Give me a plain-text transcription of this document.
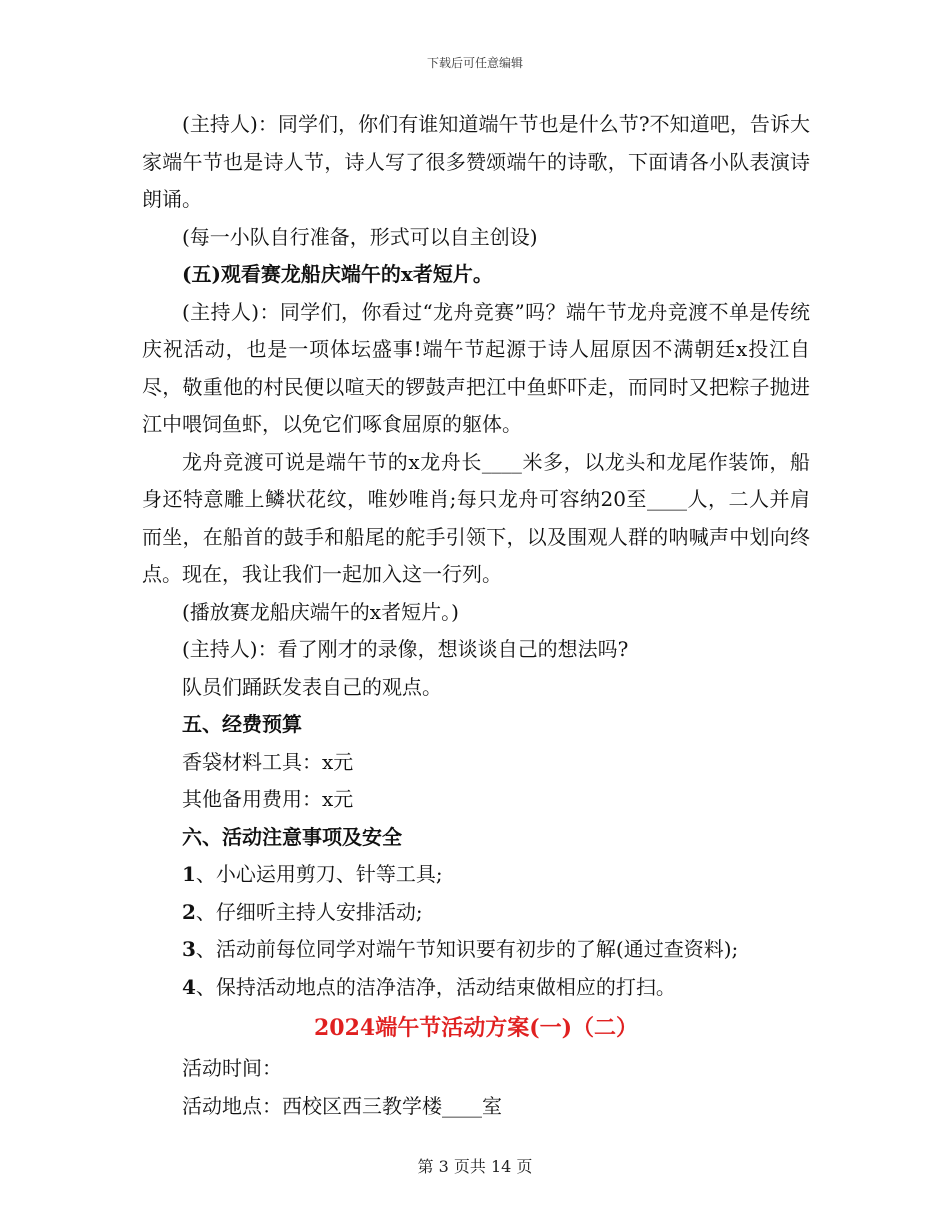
下载后可任意编辑

(主持人)：同学们，你们有谁知道端午节也是什么节?不知道吧，告诉大家端午节也是诗人节，诗人写了很多赞颂端午的诗歌，下面请各小队表演诗朗诵。

(每一小队自行准备，形式可以自主创设)

(五)观看赛龙船庆端午的x者短片。

(主持人)：同学们，你看过“龙舟竞赛”吗？端午节龙舟竞渡不单是传统庆祝活动，也是一项体坛盛事!端午节起源于诗人屈原因不满朝廷x投江自尽，敬重他的村民便以喧天的锣鼓声把江中鱼虾吓走，而同时又把粽子抛进江中喂饲鱼虾，以免它们啄食屈原的躯体。

龙舟竞渡可说是端午节的x龙舟长____米多，以龙头和龙尾作装饰，船身还特意雕上鳞状花纹，唯妙唯肖;每只龙舟可容纳20至____人，二人并肩而坐，在船首的鼓手和船尾的舵手引领下，以及围观人群的呐喊声中划向终点。现在，我让我们一起加入这一行列。

(播放赛龙船庆端午的x者短片。)

(主持人)：看了刚才的录像，想谈谈自己的想法吗?

队员们踊跃发表自己的观点。

五、经费预算

香袋材料工具：x元

其他备用费用：x元

六、活动注意事项及安全

1、小心运用剪刀、针等工具;

2、仔细听主持人安排活动;

3、活动前每位同学对端午节知识要有初步的了解(通过查资料);

4、保持活动地点的洁净洁净，活动结束做相应的打扫。

2024端午节活动方案(一)（二）

活动时间：

活动地点：西校区西三教学楼____室

第 3 页共 14 页
